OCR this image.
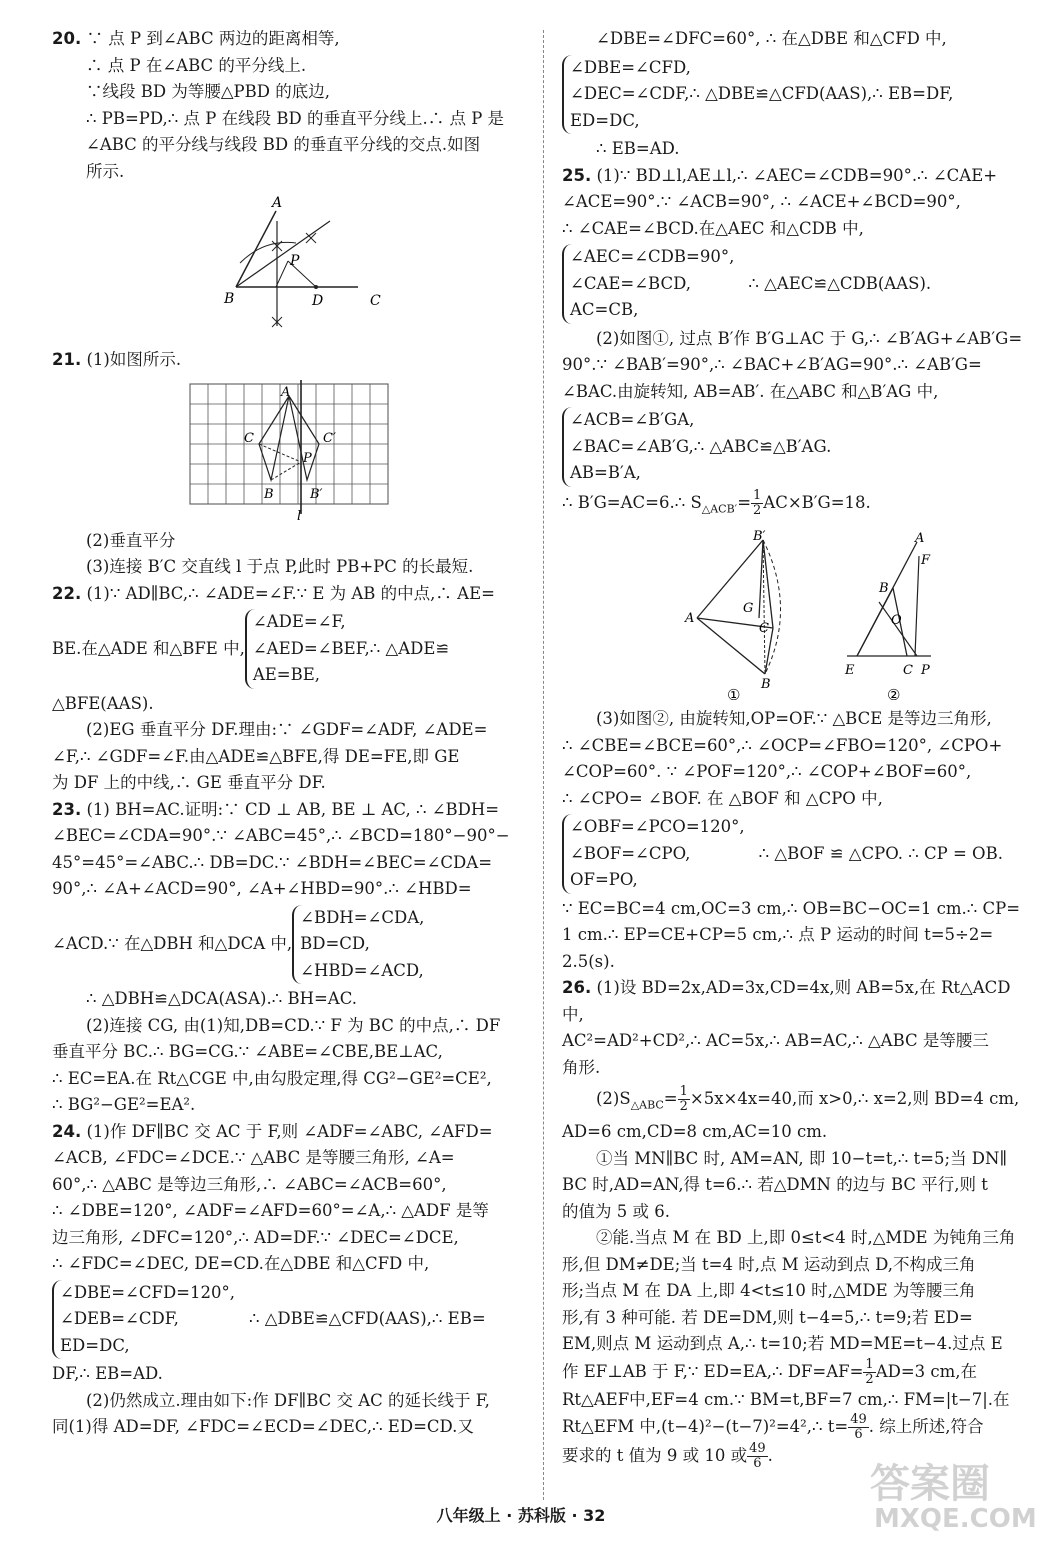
20. ∵ 点 P 到∠ABC 两边的距离相等,

∴ 点 P 在∠ABC 的平分线上.

∵线段 BD 为等腰△PBD 的底边,

∴ PB=PD,∴ 点 P 在线段 BD 的垂直平分线上.∴ 点 P 是

∠ABC 的平分线与线段 BD 的垂直平分线的交点.如图

所示.

A
B
P
D	C

21. (1)如图所示.

A
C	C′
P
B	B′
l

(2)垂直平分

(3)连接 B′C 交直线 l 于点 P,此时 PB+PC 的长最短.

22. (1)∵ AD∥BC,∴ ∠ADE=∠F.∵ E 为 AB 的中点,∴ AE=

BE.在△ADE 和△BFE 中,

∠ADE=∠F,

∠AED=∠BEF,∴ △ADE≌

AE=BE,

△BFE(AAS).

(2)EG 垂直平分 DF.理由:∵ ∠GDF=∠ADF, ∠ADE=

∠F,∴ ∠GDF=∠F.由△ADE≌△BFE,得 DE=FE,即 GE

为 DF 上的中线,∴ GE 垂直平分 DF.

23. (1) BH=AC.证明:∵ CD ⊥ AB, BE ⊥ AC, ∴ ∠BDH=

∠BEC=∠CDA=90°.∵ ∠ABC=45°,∴ ∠BCD=180°−90°−

45°=45°=∠ABC.∴ DB=DC.∵ ∠BDH=∠BEC=∠CDA=

90°,∴ ∠A+∠ACD=90°, ∠A+∠HBD=90°.∴ ∠HBD=

∠ACD.∵ 在△DBH 和△DCA 中,

∠BDH=∠CDA,

BD=CD,

∠HBD=∠ACD,

∴ △DBH≌△DCA(ASA).∴ BH=AC.

(2)连接 CG, 由(1)知,DB=CD.∵ F 为 BC 的中点,∴ DF

垂直平分 BC.∴ BG=CG.∵ ∠ABE=∠CBE,BE⊥AC,

∴ EC=EA.在 Rt△CGE 中,由勾股定理,得 CG²−GE²=CE²,

∴ BG²−GE²=EA².

24. (1)作 DF∥BC 交 AC 于 F,则 ∠ADF=∠ABC, ∠AFD=

∠ACB, ∠FDC=∠DCE.∵ △ABC 是等腰三角形, ∠A=

60°,∴ △ABC 是等边三角形,∴ ∠ABC=∠ACB=60°,

∴ ∠DBE=120°, ∠ADF=∠AFD=60°=∠A,∴ △ADF 是等

边三角形, ∠DFC=120°,∴ AD=DF.∵ ∠DEC=∠DCE,

∴ ∠FDC=∠DEC, DE=CD.在△DBE 和△CFD 中,

∠DBE=∠CFD=120°,

∠DEB=∠CDF,

ED=DC,

∴ △DBE≌△CFD(AAS),∴ EB=

DF,∴ EB=AD.

(2)仍然成立.理由如下:作 DF∥BC 交 AC 的延长线于 F,

同(1)得 AD=DF, ∠FDC=∠ECD=∠DEC,∴ ED=CD.又

∠DBE=∠DFC=60°, ∴ 在△DBE 和△CFD 中,

∠DBE=∠CFD,

∠DEC=∠CDF,∴ △DBE≌△CFD(AAS),∴ EB=DF,

ED=DC,

∴ EB=AD.

25. (1)∵ BD⊥l,AE⊥l,∴ ∠AEC=∠CDB=90°.∴ ∠CAE+

∠ACE=90°.∵ ∠ACB=90°, ∴ ∠ACE+∠BCD=90°,

∴ ∠CAE=∠BCD.在△AEC 和△CDB 中,

∠AEC=∠CDB=90°,

∠CAE=∠BCD,

AC=CB,

∴ △AEC≌△CDB(AAS).

(2)如图①, 过点 B′作 B′G⊥AC 于 G,∴ ∠B′AG+∠AB′G=

90°.∵ ∠BAB′=90°,∴ ∠BAC+∠B′AG=90°.∴ ∠AB′G=

∠BAC.由旋转知, AB=AB′. 在△ABC 和△B′AG 中,

∠ACB=∠B′GA,

∠BAC=∠AB′G,∴ △ABC≌△B′AG.

AB=B′A,

∴ B′G=AC=6.∴ $S_{\triangle ACB'}= \frac{1}{2} AC\times B'G=18$.

B′
G
A
C
B
①
A
F
B
O
E	C P
②

(3)如图②, 由旋转知,OP=OF.∵ △BCE 是等边三角形,

∴ ∠CBE=∠BCE=60°,∴ ∠OCP=∠FBO=120°, ∠CPO+

∠COP=60°. ∵ ∠POF=120°,∴ ∠COP+∠BOF=60°,

∴ ∠CPO= ∠BOF. 在 △BOF 和 △CPO 中,

∠OBF=∠PCO=120°,

∠BOF=∠CPO,

OF=PO,

∴ △BOF ≌ △CPO. ∴ CP = OB.

∵ EC=BC=4 cm,OC=3 cm,∴ OB=BC−OC=1 cm.∴ CP=

1 cm.∴ EP=CE+CP=5 cm,∴ 点 P 运动的时间 t=5÷2=

2.5(s).

26. (1)设 BD=2x,AD=3x,CD=4x,则 AB=5x,在 Rt△ACD 中,

AC²=AD²+CD²,∴ AC=5x,∴ AB=AC,∴ △ABC 是等腰三

角形.

$(2)S_{\triangle ABC}= \frac{1}{2} \times 5x\times 4x=40$,而 x>0,∴ x=2,则 BD=4 cm,

AD=6 cm,CD=8 cm,AC=10 cm.

①当 MN∥BC 时, AM=AN, 即 10−t=t,∴ t=5;当 DN∥

BC 时,AD=AN,得 t=6.∴ 若△DMN 的边与 BC 平行,则 t

的值为 5 或 6.

②能.当点 M 在 BD 上,即 0≤t<4 时,△MDE 为钝角三角

形,但 DM≠DE;当 t=4 时,点 M 运动到点 D,不构成三角

形;当点 M 在 DA 上,即 4<t≤10 时,△MDE 为等腰三角

形,有 3 种可能. 若 DE=DM,则 t−4=5,∴ t=9;若 ED=

EM,则点 M 运动到点 A,∴ t=10;若 MD=ME=t−4.过点 E

作 EF⊥AB 于 F,∵ ED=EA,∴ $DF=AF= \frac{1}{2} AD=3$ cm,在

Rt△AEF中,EF=4 cm.∵ BM=t,BF=7 cm,∴ FM=|t−7|.在

Rt△EFM 中,(t−4)²−(t−7)²=4²,∴ $t= \frac{49}{6}$ . 综上所述,符合

要求的 t 值为 9 或 10 或 $\frac{49}{6}$ .

八年级上 · 苏科版 · 32
答案圈
MXQE.COM
